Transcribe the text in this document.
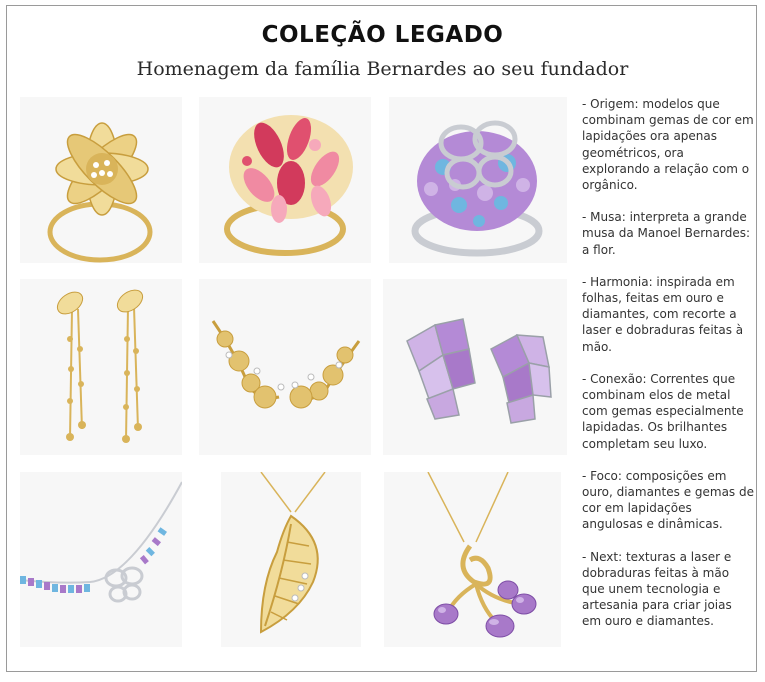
COLEÇÃO LEGADO
Homenagem da família Bernardes ao seu fundador

- Origem: modelos que combinam gemas de cor em lapidações ora apenas geométricos, ora explorando a relação com o orgânico.

- Musa: interpreta a grande musa da Manoel Bernardes: a flor.

- Harmonia: inspirada em folhas, feitas em ouro e diamantes, com recorte a laser e dobraduras feitas à mão.

- Conexão: Correntes que combinam elos de metal com gemas especialmente lapidadas. Os brilhantes completam seu luxo.

- Foco: composições em ouro, diamantes e gemas de cor em lapidações angulosas e dinâmicas.

- Next: texturas a laser e dobraduras feitas à mão que unem tecnologia e artesania para criar joias em ouro e diamantes.
